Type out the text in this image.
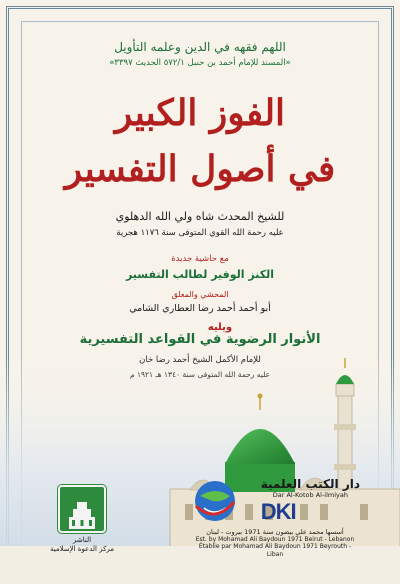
اللهم فقهه في الدين وعلمه التأويل
«المسند للإمام أحمد بن حنبل ٥٧٢/١ الحديث ٣٣٩٧»
الفوز الكبير
في أصول التفسير
للشيخ المحدث شاه ولي الله الدهلوي
عليه رحمة الله القوي المتوفى سنة ١١٧٦ هجرية
مع حاشية جديدة
الكنز الوفير لطالب التفسير
المحشي والمعلق
أبو أحمد أحمد رضا العطاري الشامي
ويليه
الأنوار الرضوية في القواعد التفسيرية
الناشر
مركز الدعوة الإسلامية
دار الكتب العلمية
Dar Al-Kotob Al-ilmiyah
DKI
أسسها محمد علي بيضون سنة 1971 بيروت - لبنان
Est. by Mohamad Ali Baydoun 1971 Beirut - Lebanon
Établie par Mohamad Ali Baydoun 1971 Beyrouth - Liban
